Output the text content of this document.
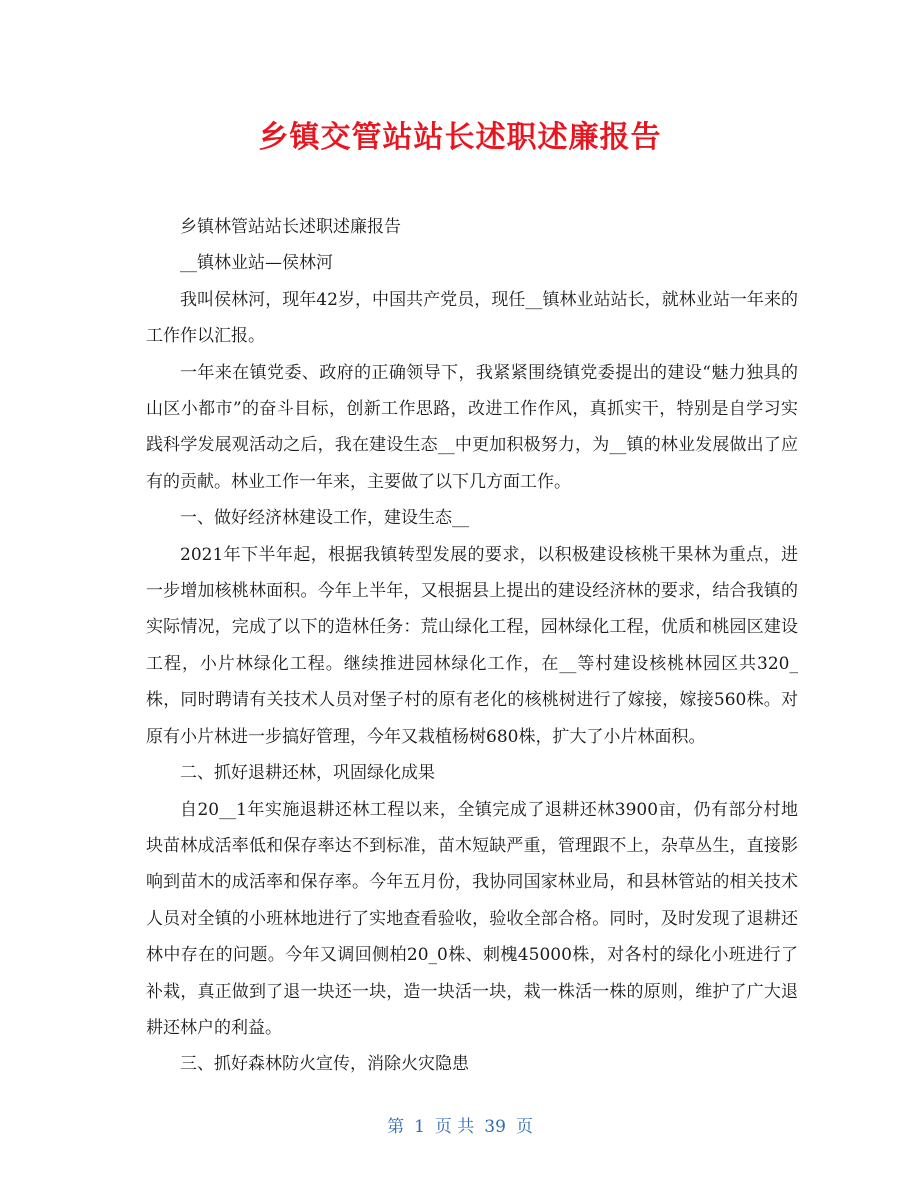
乡镇交管站站长述职述廉报告

乡镇林管站站长述职述廉报告

__镇林业站—侯林河

我叫侯林河，现年42岁，中国共产党员，现任__镇林业站站长，就林业站一年来的工作作以汇报。

一年来在镇党委、政府的正确领导下，我紧紧围绕镇党委提出的建设“魅力独具的山区小都市”的奋斗目标，创新工作思路，改进工作作风，真抓实干，特别是自学习实践科学发展观活动之后，我在建设生态__中更加积极努力，为__镇的林业发展做出了应有的贡献。林业工作一年来，主要做了以下几方面工作。

一、做好经济林建设工作，建设生态__

2021年下半年起，根据我镇转型发展的要求，以积极建设核桃干果林为重点，进一步增加核桃林面积。今年上半年，又根据县上提出的建设经济林的要求，结合我镇的实际情况，完成了以下的造林任务：荒山绿化工程，园林绿化工程，优质和桃园区建设工程，小片林绿化工程。继续推进园林绿化工作，在__等村建设核桃林园区共320_株，同时聘请有关技术人员对堡子村的原有老化的核桃树进行了嫁接，嫁接560株。对原有小片林进一步搞好管理，今年又栽植杨树680株，扩大了小片林面积。

二、抓好退耕还林，巩固绿化成果

自20__1年实施退耕还林工程以来，全镇完成了退耕还林3900亩，仍有部分村地块苗林成活率低和保存率达不到标准，苗木短缺严重，管理跟不上，杂草丛生，直接影响到苗木的成活率和保存率。今年五月份，我协同国家林业局，和县林管站的相关技术人员对全镇的小班林地进行了实地查看验收，验收全部合格。同时，及时发现了退耕还林中存在的问题。今年又调回侧柏20_0株、刺槐45000株，对各村的绿化小班进行了补栽，真正做到了退一块还一块，造一块活一块，栽一株活一株的原则，维护了广大退耕还林户的利益。

三、抓好森林防火宣传，消除火灾隐患

第 1 页 共 39 页
